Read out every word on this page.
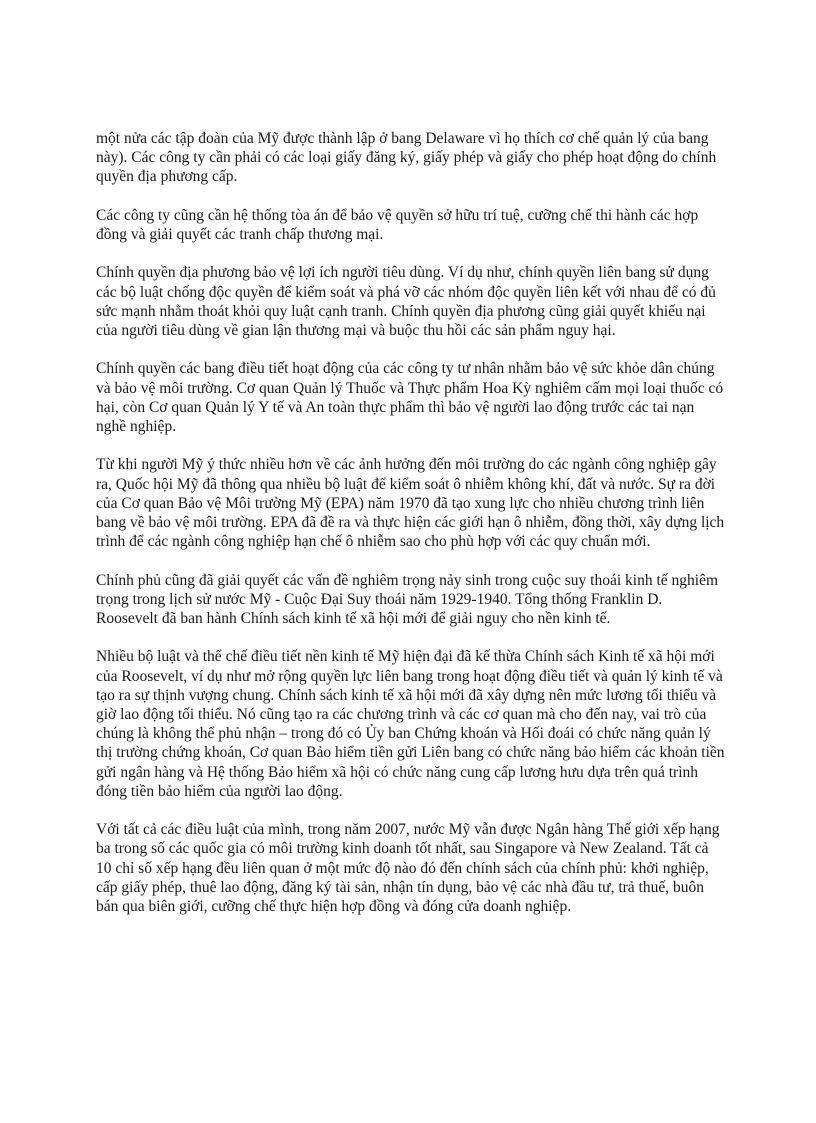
một nửa các tập đoàn của Mỹ được thành lập ở bang Delaware vì họ thích cơ chế quản lý của bang này). Các công ty cần phải có các loại giấy đăng ký, giấy phép và giấy cho phép hoạt động do chính quyền địa phương cấp.

Các công ty cũng cần hệ thống tòa án để bảo vệ quyền sở hữu trí tuệ, cưỡng chế thi hành các hợp đồng và giải quyết các tranh chấp thương mại.

Chính quyền địa phương bảo vệ lợi ích người tiêu dùng. Ví dụ như, chính quyền liên bang sử dụng các bộ luật chống độc quyền để kiểm soát và phá vỡ các nhóm độc quyền liên kết với nhau để có đủ sức mạnh nhằm thoát khỏi quy luật cạnh tranh. Chính quyền địa phương cũng giải quyết khiếu nại của người tiêu dùng về gian lận thương mại và buộc thu hồi các sản phẩm nguy hại.

Chính quyền các bang điều tiết hoạt động của các công ty tư nhân nhằm bảo vệ sức khỏe dân chúng và bảo vệ môi trường. Cơ quan Quản lý Thuốc và Thực phẩm Hoa Kỳ nghiêm cấm mọi loại thuốc có hại, còn Cơ quan Quản lý Y tế và An toàn thực phẩm thì bảo vệ người lao động trước các tai nạn nghề nghiệp.

Từ khi người Mỹ ý thức nhiều hơn về các ảnh hưởng đến môi trường do các ngành công nghiệp gây ra, Quốc hội Mỹ đã thông qua nhiều bộ luật để kiểm soát ô nhiễm không khí, đất và nước. Sự ra đời của Cơ quan Bảo vệ Môi trường Mỹ (EPA) năm 1970 đã tạo xung lực cho nhiều chương trình liên bang về bảo vệ môi trường. EPA đã đề ra và thực hiện các giới hạn ô nhiễm, đồng thời, xây dựng lịch trình để các ngành công nghiệp hạn chế ô nhiễm sao cho phù hợp với các quy chuẩn mới.

Chính phủ cũng đã giải quyết các vấn đề nghiêm trọng nảy sinh trong cuộc suy thoái kinh tế nghiêm trọng trong lịch sử nước Mỹ - Cuộc Đại Suy thoái năm 1929-1940. Tổng thống Franklin D. Roosevelt đã ban hành Chính sách kinh tế xã hội mới để giải nguy cho nền kinh tế.

Nhiều bộ luật và thể chế điều tiết nền kinh tế Mỹ hiện đại đã kế thừa Chính sách Kinh tế xã hội mới của Roosevelt, ví dụ như mở rộng quyền lực liên bang trong hoạt động điều tiết và quản lý kinh tế và tạo ra sự thịnh vượng chung. Chính sách kinh tế xã hội mới đã xây dựng nên mức lương tối thiểu và giờ lao động tối thiểu. Nó cũng tạo ra các chương trình và các cơ quan mà cho đến nay, vai trò của chúng là không thể phủ nhận – trong đó có Ủy ban Chứng khoán và Hối đoái có chức năng quản lý thị trường chứng khoán, Cơ quan Bảo hiểm tiền gửi Liên bang có chức năng bảo hiểm các khoản tiền gửi ngân hàng và Hệ thống Bảo hiểm xã hội có chức năng cung cấp lương hưu dựa trên quá trình đóng tiền bảo hiểm của người lao động.

Với tất cả các điều luật của mình, trong năm 2007, nước Mỹ vẫn được Ngân hàng Thế giới xếp hạng ba trong số các quốc gia có môi trường kinh doanh tốt nhất, sau Singapore và New Zealand. Tất cả 10 chỉ số xếp hạng đều liên quan ở một mức độ nào đó đến chính sách của chính phủ: khởi nghiệp, cấp giấy phép, thuê lao động, đăng ký tài sản, nhận tín dụng, bảo vệ các nhà đầu tư, trả thuế, buôn bán qua biên giới, cưỡng chế thực hiện hợp đồng và đóng cửa doanh nghiệp.
